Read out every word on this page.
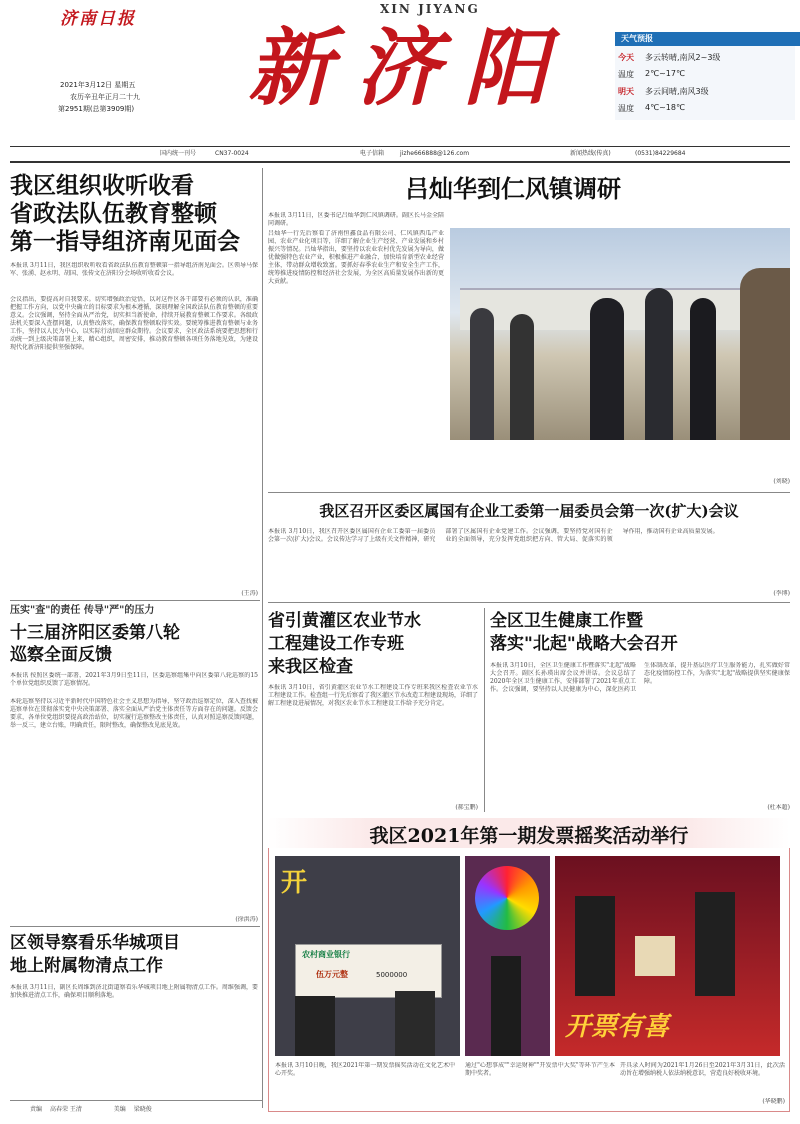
济南日报
2021年3月12日 星期五
农历辛丑年正月二十九
第2951期(总第3909期)
XIN JIYANG
新济阳	天气预报
今天 多云转晴,南风2~3级
温度 2℃~17℃
明天 多云间晴,南风3级
温度 4℃~18℃
国内统一刊号	CN37-0024	电子信箱	jizhe666888@126.com	新闻热线(传真)	(0531)84229684
我区组织收听收看
省政法队伍教育整顿
第一指导组济南见面会
本报讯 3月11日，我区组织收听收看省政法队伍教育整顿第一指导组济南见面会。区领导马保军、张湧、赵永明、胡国、张传文在济阳分会场收听收看会议。
会议指出，要提高对自我要求。切实增强政治觉悟，以对这件区各干部要有必须的认识，准确把握工作方向，以党中央确立的目标要求为根本遵循，深刻理解全国政法队伍教育整顿的重要意义。会议强调，坚持全面从严治党，切实担当新使命，持续开展教育整顿工作要求。各级政法机关要深入查摆问题，认真整改落实，确保教育整顿取得实效。要统筹推进教育整顿与业务工作，坚持以人民为中心，以实际行动回应群众期待。会议要求，全区政法系统要把思想和行动统一到上级决策部署上来，精心组织，周密安排，推动教育整顿各项任务落地见效，为建设现代化新济阳提供坚强保障。
(王涛)
压实"查"的责任 传导"严"的压力
十三届济阳区委第八轮
巡察全面反馈
本报讯 按照区委统一部署，2021年3月9日至11日，区委巡察组集中向区委第八轮巡察的15个单位党组织反馈了巡察情况。
本轮巡察坚持以习近平新时代中国特色社会主义思想为指导，坚守政治巡察定位，深入查找被巡察单位在贯彻落实党中央决策部署、落实全面从严治党主体责任等方面存在的问题。反馈会要求，各单位党组织要提高政治站位，切实履行巡察整改主体责任，认真对照巡察反馈问题，举一反三，建立台账，明确责任，限时整改，确保整改见底见效。
(徐洪涛)
区领导察看乐华城项目
地上附属物清点工作
本报讯 3月11日，副区长周维到济北街道察看乐华城项目地上附属物清点工作。周维强调，要加快推进清点工作，确保项目顺利落地。
吕灿华到仁风镇调研
本报讯 3月11日，区委书记吕灿华到仁风镇调研。副区长马金全陪同调研。
吕灿华一行先后察看了济南恒鑫食品有限公司、仁风镇西瓜产业园、农业产业化项目等，详细了解企业生产经营、产业发展和乡村振兴等情况。吕灿华指出，要坚持以农业农村优先发展为导向，做优做强特色农业产业，积极推进产业融合，加快培育新型农业经营主体，带动群众增收致富。要抓好春季农业生产和安全生产工作，统筹推进疫情防控和经济社会发展，为全区高质量发展作出新的更大贡献。
(刘晓)
我区召开区委区属国有企业工委第一届委员会第一次(扩大)会议
本报讯 3月10日，我区召开区委区属国有企业工委第一届委员会第一次(扩大)会议。会议传达学习了上级有关文件精神，研究部署了区属国有企业党建工作。会议强调，要坚持党对国有企业的全面领导，充分发挥党组织把方向、管大局、促落实的领导作用，推动国有企业高质量发展。
(李博)
省引黄灌区农业节水
工程建设工作专班
来我区检查
本报讯 3月10日，省引黄灌区农业节水工程建设工作专班来我区检查农业节水工程建设工作。检查组一行先后察看了我区灌区节水改造工程建设现场，详细了解工程建设进展情况，对我区农业节水工程建设工作给予充分肯定。
(郝宝鹏)
全区卫生健康工作暨
落实"北起"战略大会召开
本报讯 3月10日，全区卫生健康工作暨落实"北起"战略大会召开。副区长孙瑛出席会议并讲话。会议总结了2020年全区卫生健康工作，安排部署了2021年重点工作。会议强调，要坚持以人民健康为中心，深化医药卫生体制改革，提升基层医疗卫生服务能力，扎实做好常态化疫情防控工作，为落实"北起"战略提供坚实健康保障。
(杜本超)
我区2021年第一期发票摇奖活动举行
开
农村商业银行
伍万元整	5000000
开票有喜
本报讯 3月10日晚，我区2021年第一期发票摇奖活动在文化艺术中心开奖。
通过"心想事成""幸运财神""开发票中大奖"等环节产生本期中奖者。
开具录入时间为2021年1月26日至2021年3月31日，此次活动旨在增强纳税人依法纳税意识，营造良好税收环境。
(华晓鹏)
责编 高春荣 王清	美编 梁晓俊
